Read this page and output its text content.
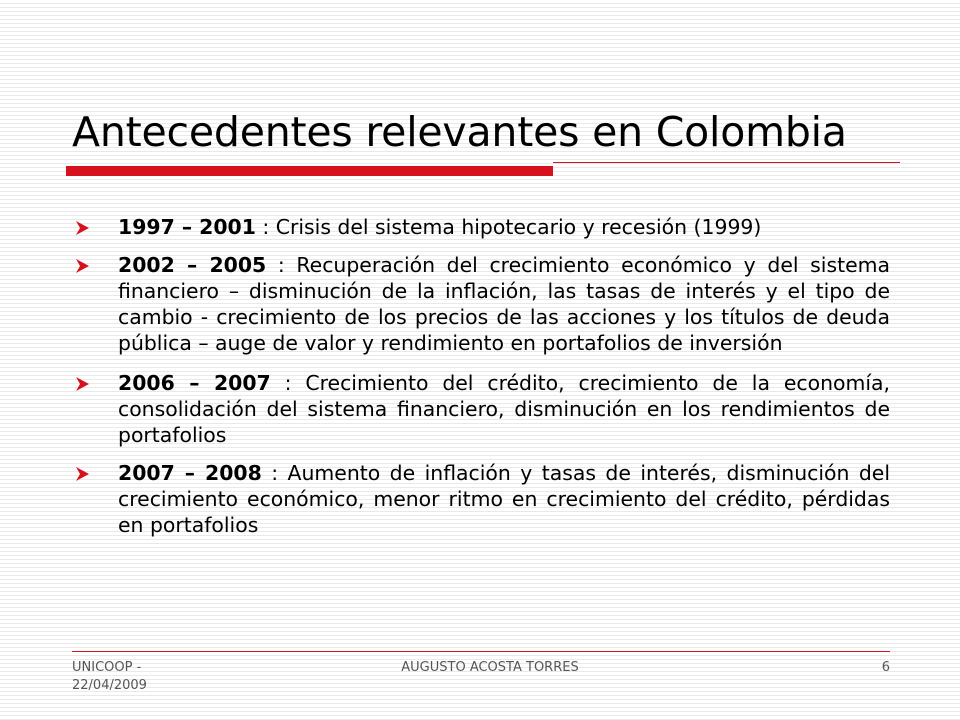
Antecedentes relevantes en Colombia
1997 – 2001 : Crisis del sistema hipotecario y recesión (1999)
2002 – 2005 : Recuperación del crecimiento económico y del sistema financiero – disminución de la inflación, las tasas de interés y el tipo de cambio - crecimiento de los precios de las acciones y los títulos de deuda pública – auge de valor y rendimiento en portafolios de inversión
2006 – 2007 : Crecimiento del crédito, crecimiento de la economía, consolidación del sistema financiero, disminución en los rendimientos de portafolios
2007 – 2008 : Aumento de inflación y tasas de interés, disminución del crecimiento económico, menor ritmo en crecimiento del crédito, pérdidas en portafolios
UNICOOP - 22/04/2009
AUGUSTO ACOSTA TORRES	6
